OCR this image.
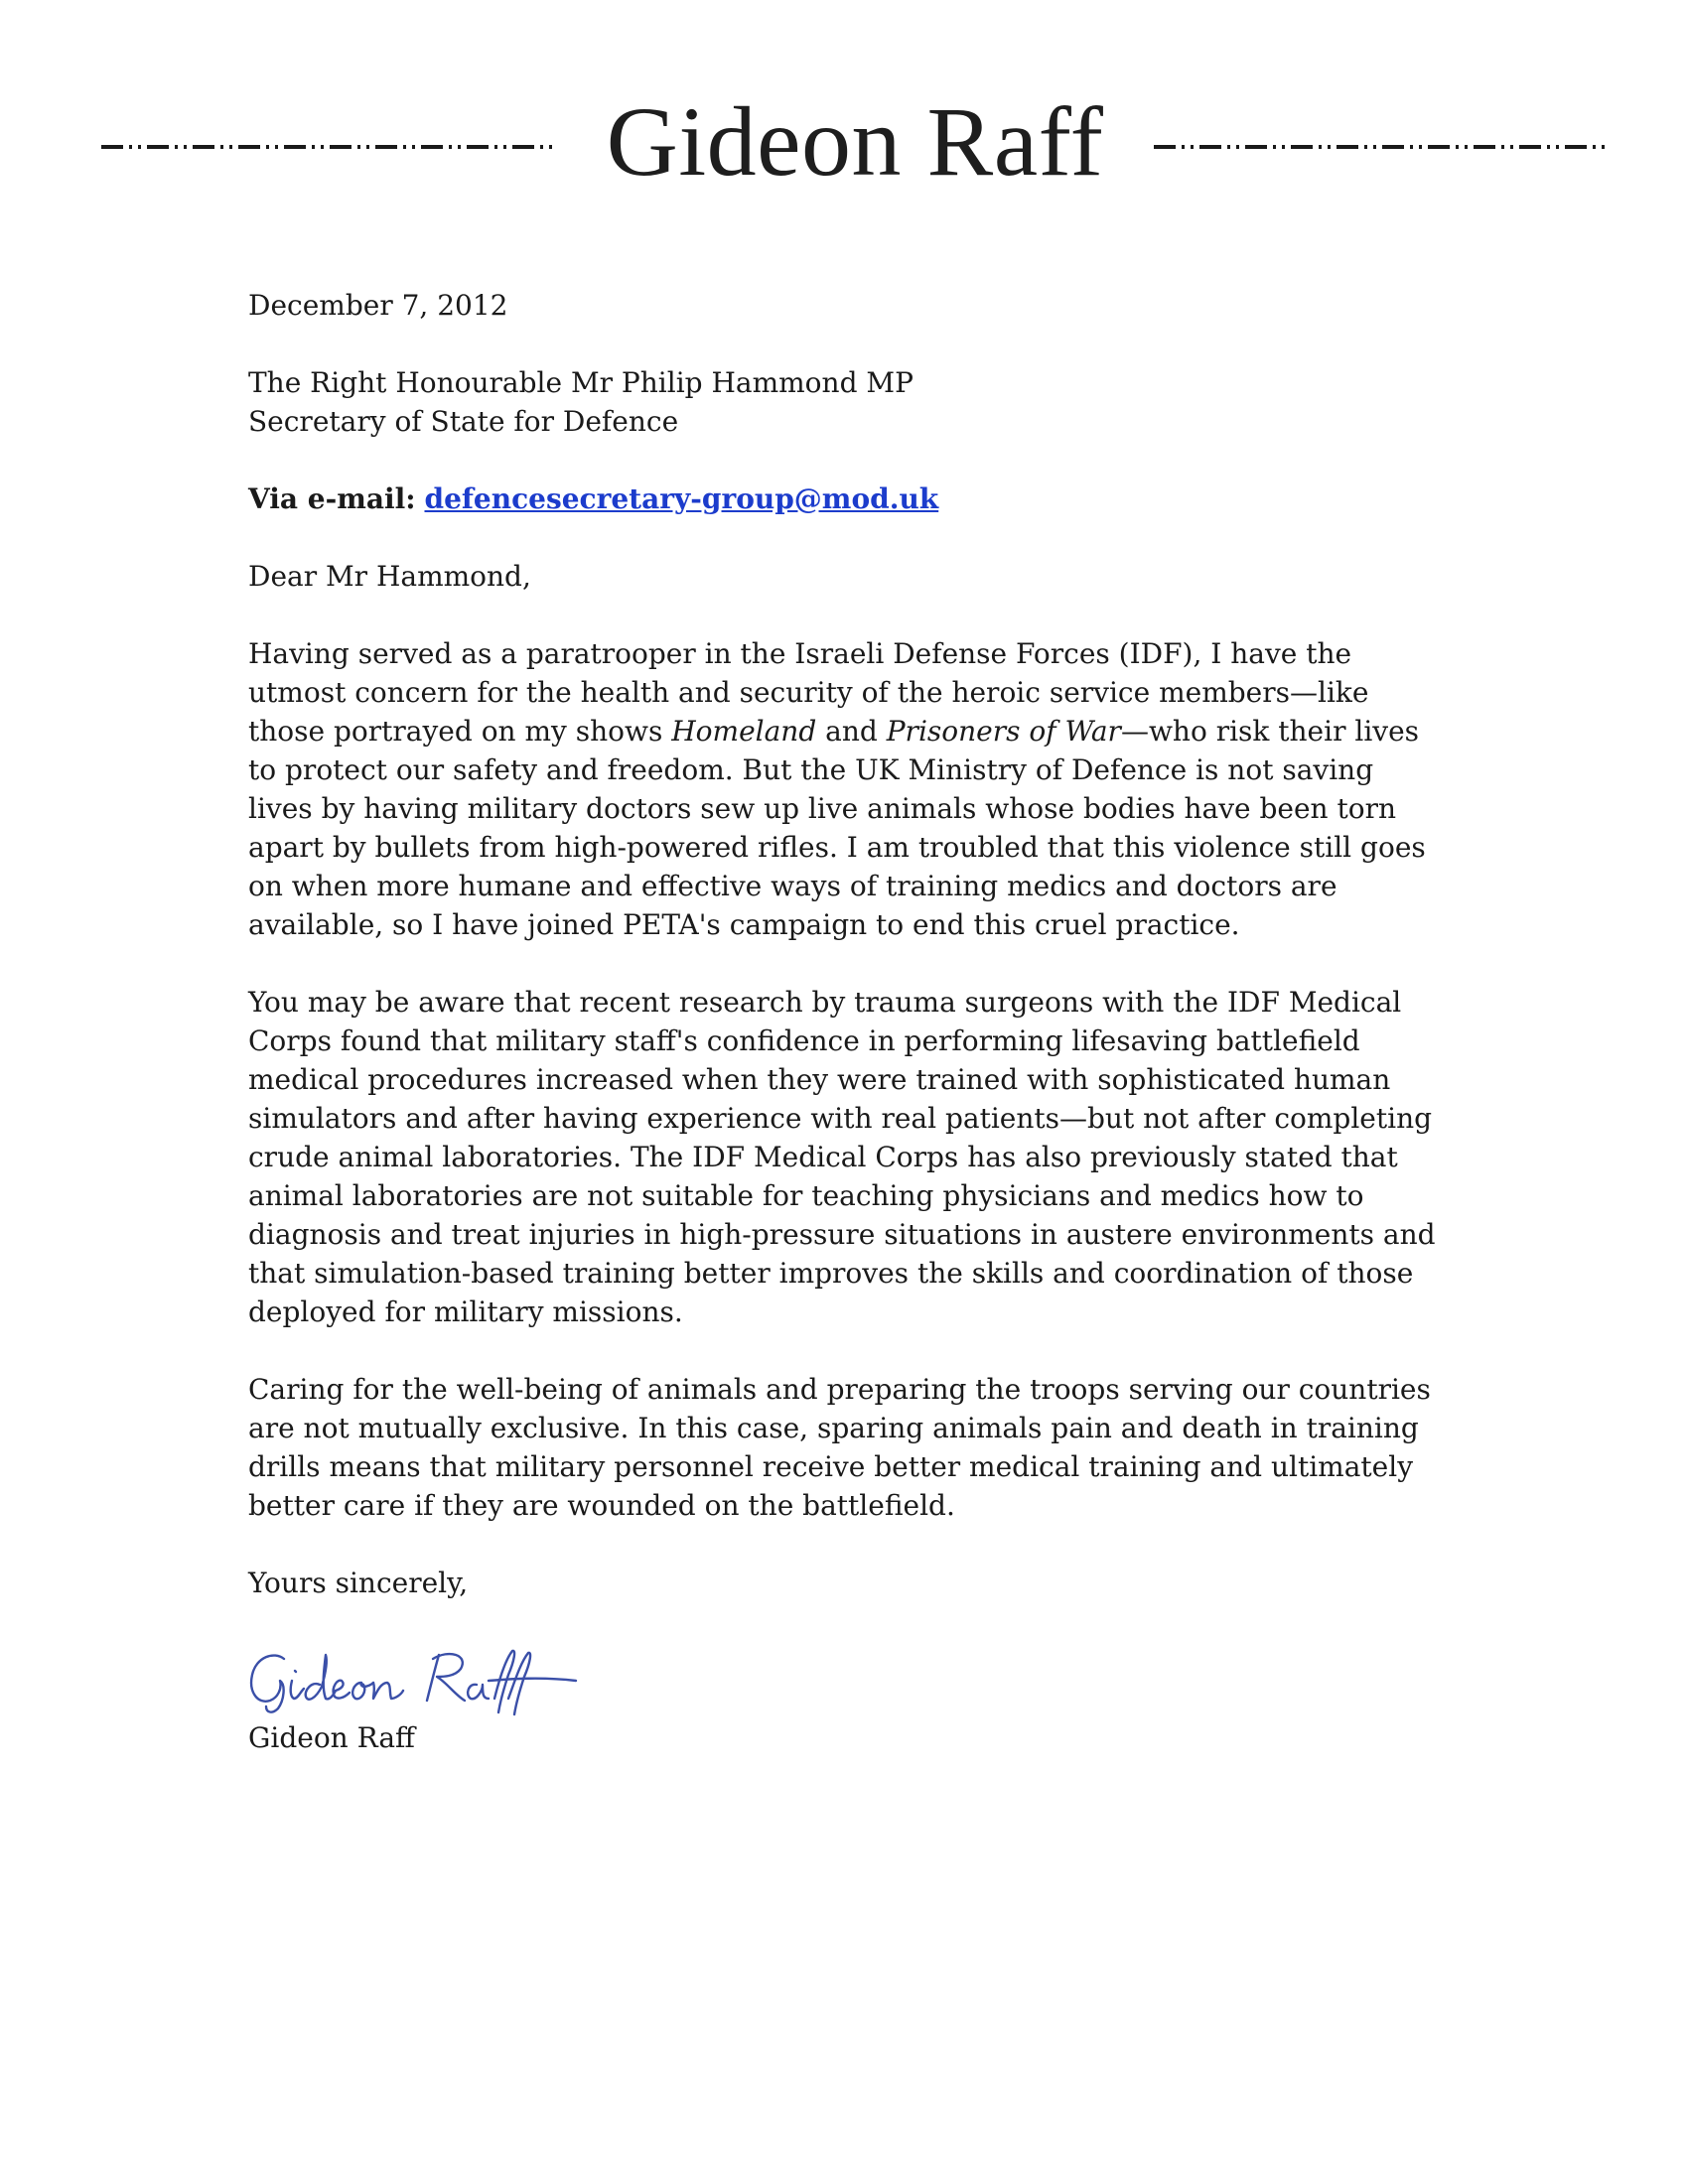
Gideon Raff

December 7, 2012

The Right Honourable Mr Philip Hammond MP
Secretary of State for Defence

Via e-mail: defencesecretary-group@mod.uk

Dear Mr Hammond,

Having served as a paratrooper in the Israeli Defense Forces (IDF), I have the utmost concern for the health and security of the heroic service members—like those portrayed on my shows Homeland and Prisoners of War—who risk their lives to protect our safety and freedom. But the UK Ministry of Defence is not saving lives by having military doctors sew up live animals whose bodies have been torn apart by bullets from high-powered rifles. I am troubled that this violence still goes on when more humane and effective ways of training medics and doctors are available, so I have joined PETA's campaign to end this cruel practice.

You may be aware that recent research by trauma surgeons with the IDF Medical Corps found that military staff's confidence in performing lifesaving battlefield medical procedures increased when they were trained with sophisticated human simulators and after having experience with real patients—but not after completing crude animal laboratories. The IDF Medical Corps has also previously stated that animal laboratories are not suitable for teaching physicians and medics how to diagnosis and treat injuries in high-pressure situations in austere environments and that simulation-based training better improves the skills and coordination of those deployed for military missions.

Caring for the well-being of animals and preparing the troops serving our countries are not mutually exclusive. In this case, sparing animals pain and death in training drills means that military personnel receive better medical training and ultimately better care if they are wounded on the battlefield.

Yours sincerely,

Gideon Raff
